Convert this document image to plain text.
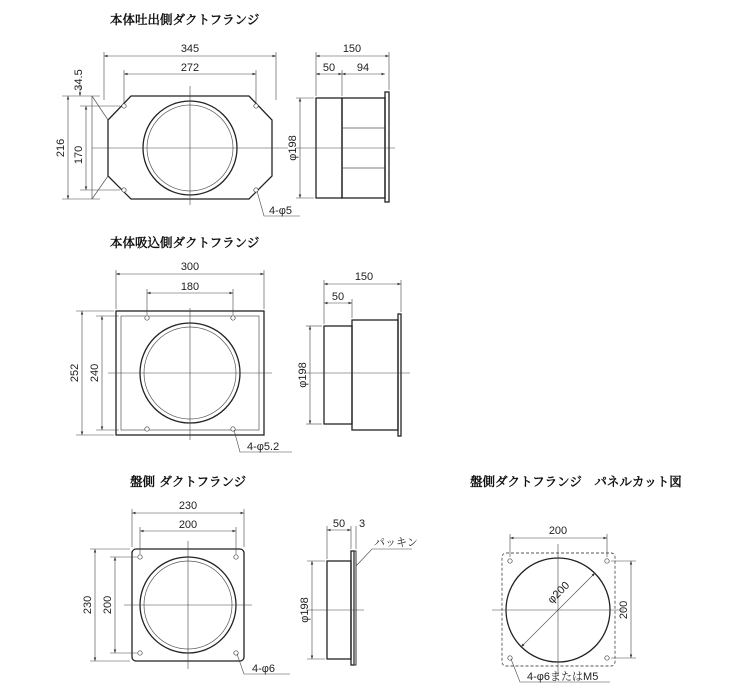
本体吐出側ダクトフランジ
345
272
216 170
34.5
4-φ5
150
50 94
φ198
本体吸込側ダクトフランジ
300
180
252 240
4-φ5.2
150
50
φ198
盤側 ダクトフランジ
230
200
230 200
4-φ6
50 3
パッキン
φ198
盤側ダクトフランジ　パネルカット図
200
200
φ200
4-φ6またはM5
